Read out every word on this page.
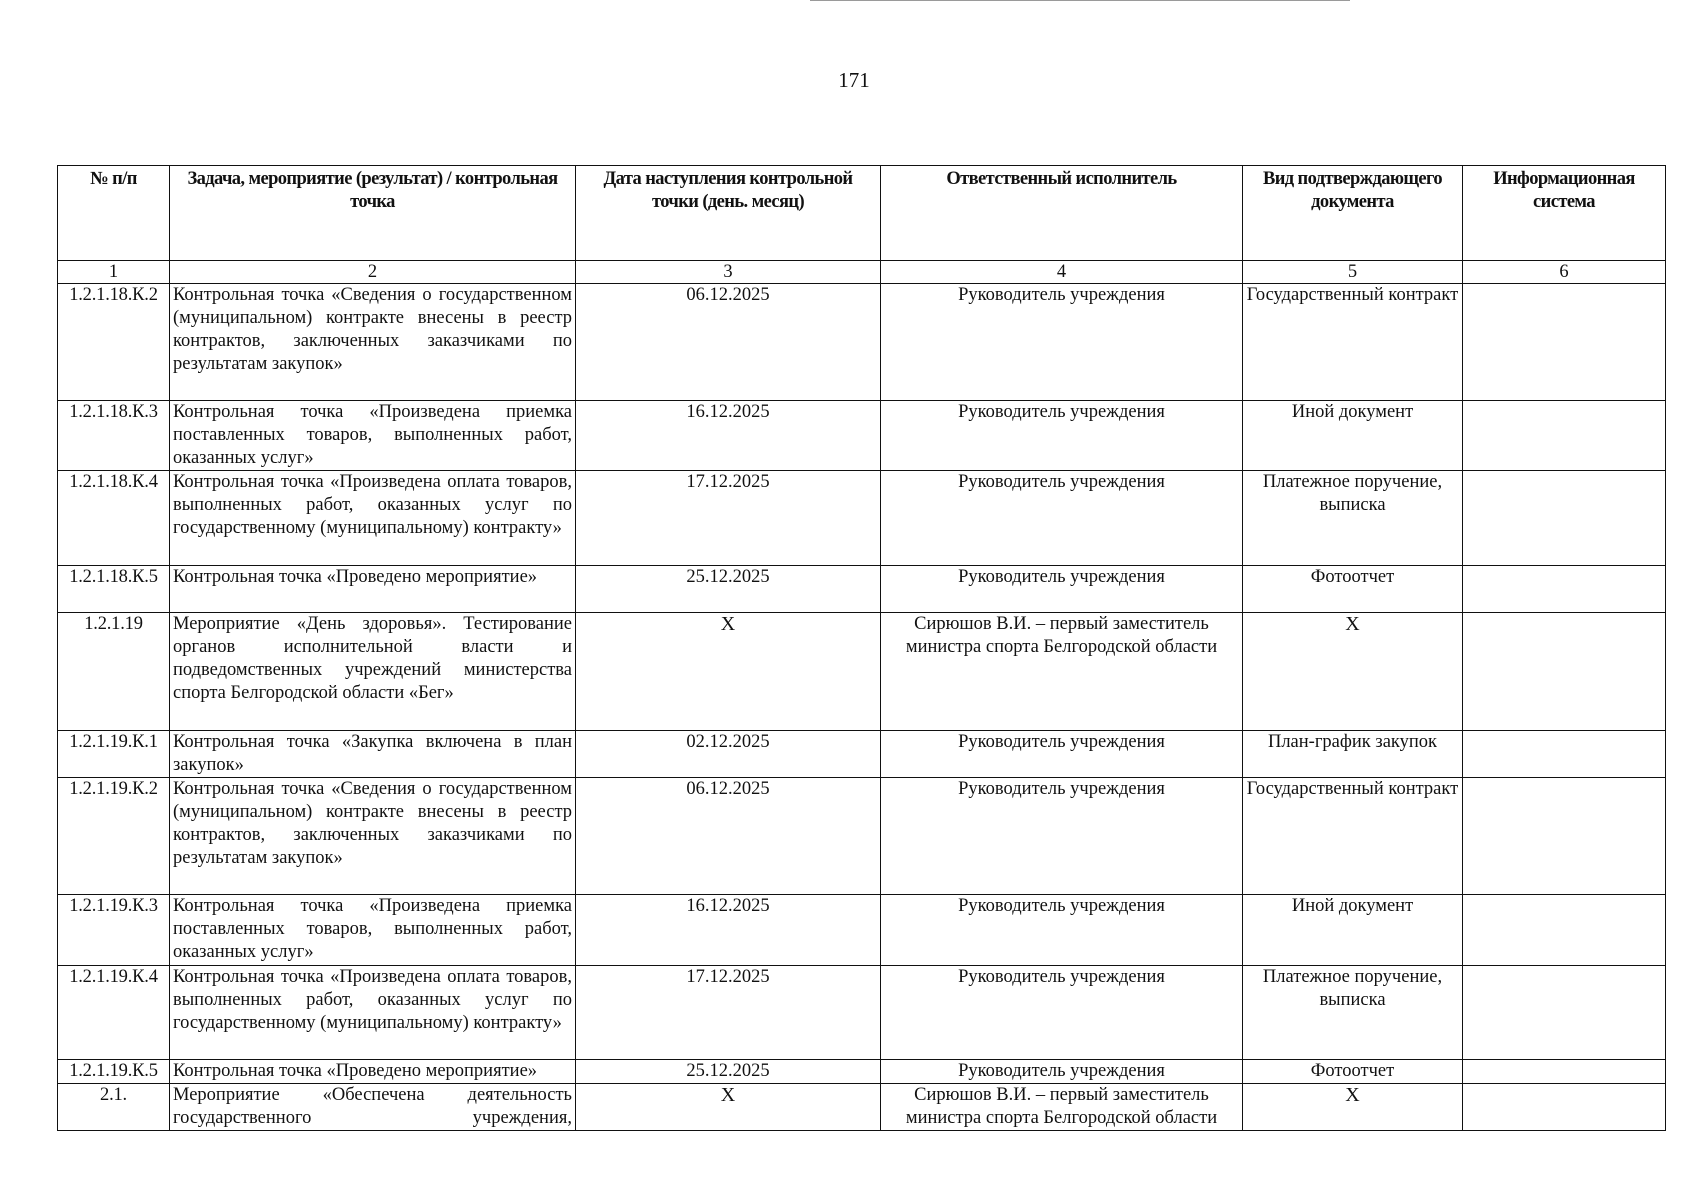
171
№ п/п	Задача, мероприятие (результат) / контрольная точка	Дата наступления контрольной точки (день. месяц)	Ответственный исполнитель	Вид подтверждающего документа	Информационная система
1	2	3	4	5	6
1.2.1.18.К.2	Контрольная точка «Сведения о государственном (муниципальном) контракте внесены в реестр контрактов, заключенных заказчиками по результатам закупок»	06.12.2025	Руководитель учреждения	Государственный контракт	
1.2.1.18.К.3	Контрольная точка «Произведена приемка поставленных товаров, выполненных работ, оказанных услуг»	16.12.2025	Руководитель учреждения	Иной документ	
1.2.1.18.К.4	Контрольная точка «Произведена оплата товаров, выполненных работ, оказанных услуг по государственному (муниципальному) контракту»	17.12.2025	Руководитель учреждения	Платежное поручение, выписка	
1.2.1.18.К.5	Контрольная точка «Проведено мероприятие»	25.12.2025	Руководитель учреждения	Фотоотчет	
1.2.1.19	Мероприятие «День здоровья». Тестирование органов исполнительной власти и подведомственных учреждений министерства спорта Белгородской области «Бег»	X	Сирюшов В.И. – первый заместитель министра спорта Белгородской области	X	
1.2.1.19.К.1	Контрольная точка «Закупка включена в план закупок»	02.12.2025	Руководитель учреждения	План-график закупок	
1.2.1.19.К.2	Контрольная точка «Сведения о государственном (муниципальном) контракте внесены в реестр контрактов, заключенных заказчиками по результатам закупок»	06.12.2025	Руководитель учреждения	Государственный контракт	
1.2.1.19.К.3	Контрольная точка «Произведена приемка поставленных товаров, выполненных работ, оказанных услуг»	16.12.2025	Руководитель учреждения	Иной документ	
1.2.1.19.К.4	Контрольная точка «Произведена оплата товаров, выполненных работ, оказанных услуг по государственному (муниципальному) контракту»	17.12.2025	Руководитель учреждения	Платежное поручение, выписка	
1.2.1.19.К.5	Контрольная точка «Проведено мероприятие»	25.12.2025	Руководитель учреждения	Фотоотчет	
2.1.	Мероприятие «Обеспечена деятельность государственного учреждения,	X	Сирюшов В.И. – первый заместитель министра спорта Белгородской области	X	
